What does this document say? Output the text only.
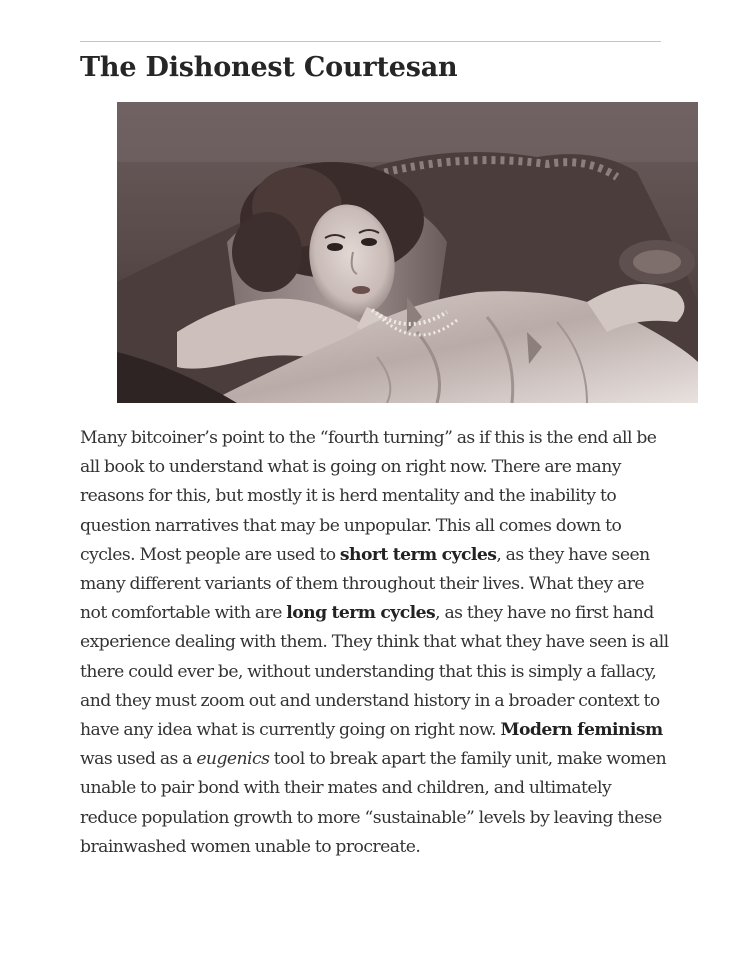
The Dishonest Courtesan

Many bitcoiner’s point to the “fourth turning” as if this is the end all be all book to understand what is going on right now. There are many reasons for this, but mostly it is herd mentality and the inability to question narratives that may be unpopular. This all comes down to cycles. Most people are used to short term cycles, as they have seen many different variants of them throughout their lives. What they are not comfortable with are long term cycles, as they have no first hand experience dealing with them. They think that what they have seen is all there could ever be, without understanding that this is simply a fallacy, and they must zoom out and understand history in a broader context to have any idea what is currently going on right now. Modern feminism was used as a eugenics tool to break apart the family unit, make women unable to pair bond with their mates and children, and ultimately reduce population growth to more “sustainable” levels by leaving these brainwashed women unable to procreate.
